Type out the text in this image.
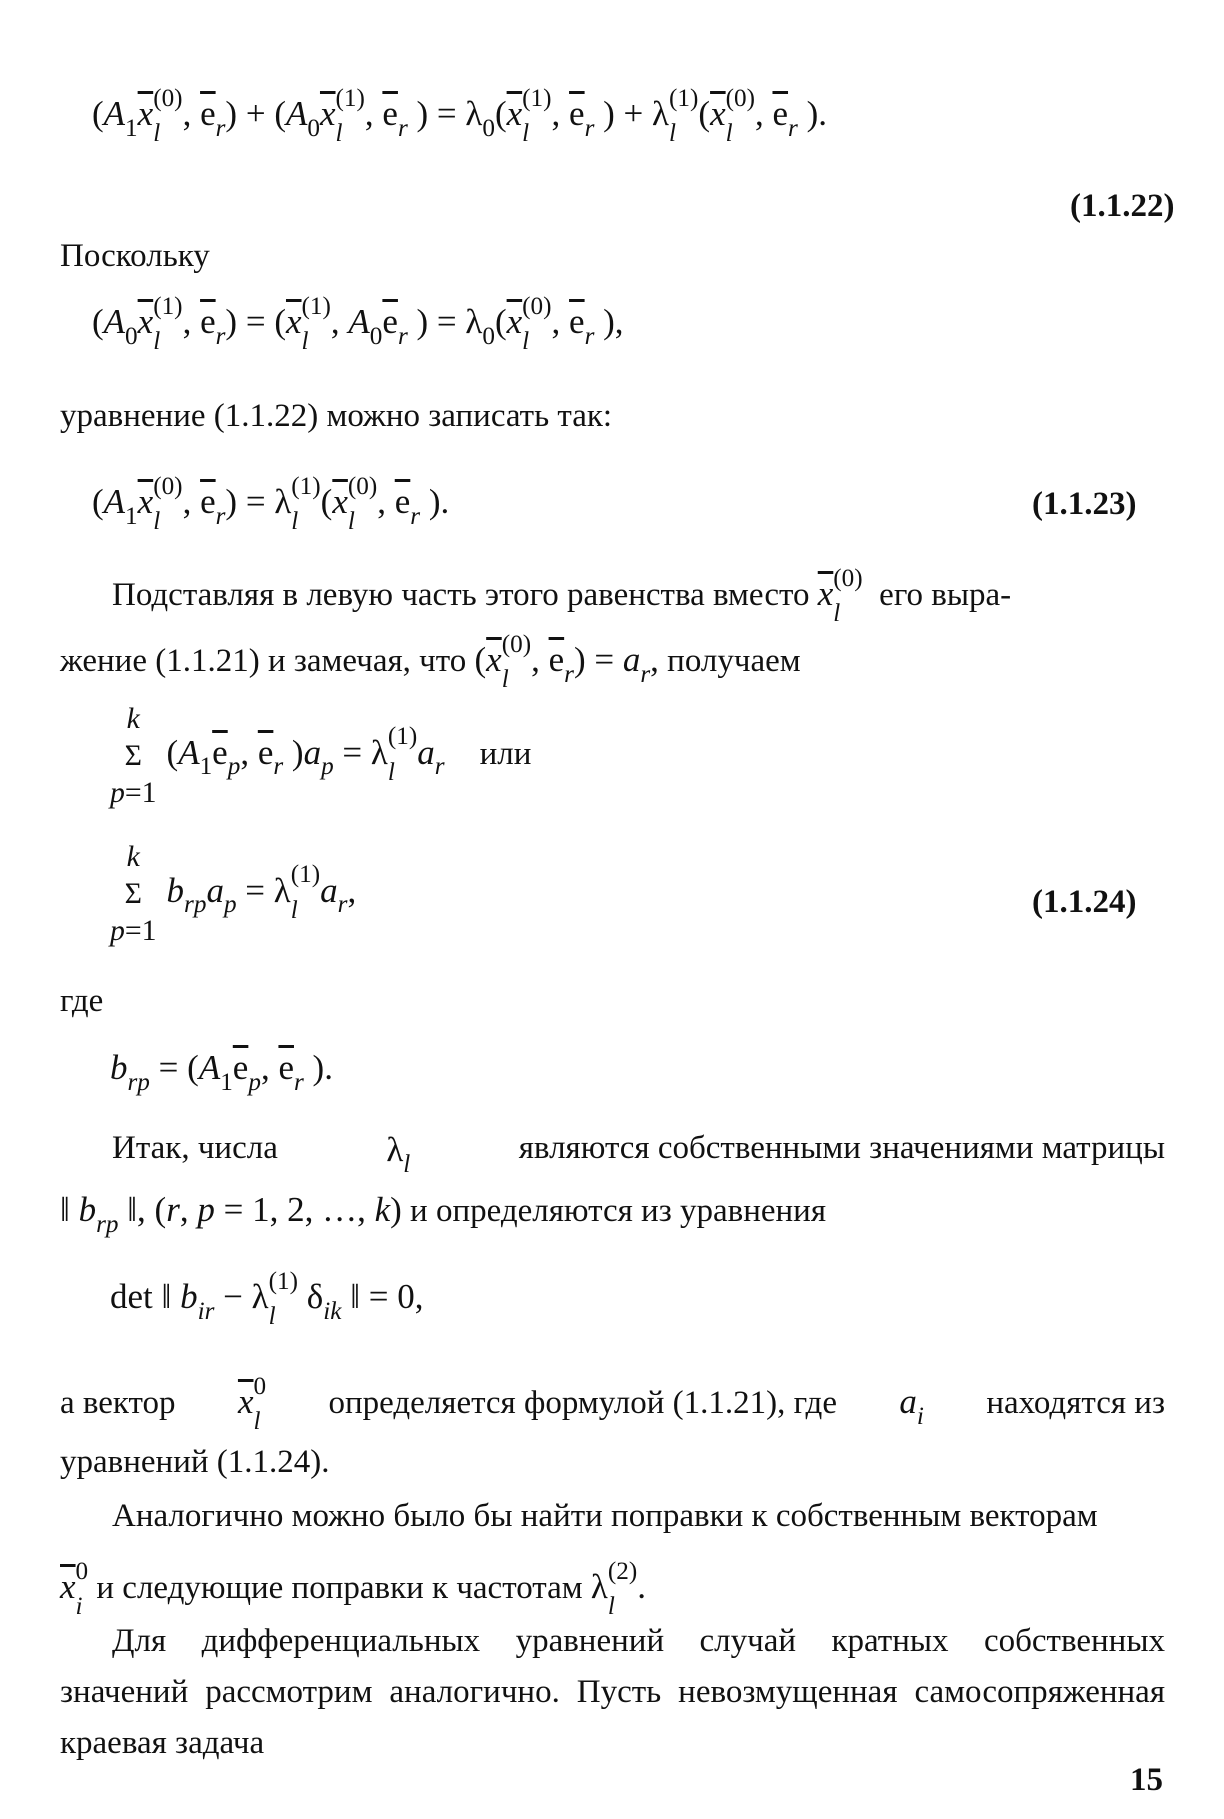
($A_1\overline{x}$ (0)
l
, $\overline{e}_r) + (A_0\overline{x}$ (1)
l
, $\overline{e}_r$ ) = $\lambda_0(\overline{x}$ (1)
l
, $\overline{e}_r$ ) + λ (1)
l
($\overline{x}$ (0)
l
, $\overline{e}_r$ ).
(1.1.22)
Поскольку
($A_0\overline{x}$ (1)
l
, $\overline{e}_r) = (\overline{x}$ (1)
l
, $A_0\overline{e}_r$ ) = $\lambda_0(\overline{x}$ (0)
l
, $\overline{e}_r$ ),
уравнение (1.1.22) можно записать так:
($A_1\overline{x}$ (0)
l
, $\overline{e}_r) = \lambda$ (1)
l
($\overline{x}$ (0)
l
, $\overline{e}_r$ ).	(1.1.23)
Подставляя в левую часть этого равенства вместо $\overline{x}$ (0)
l
его выра-
жение (1.1.21) и замечая, что ($\overline{x}$ (0)
l
, $\overline{e}_r) = a_r$, получаем
k
Σ
p=1
($A_1\overline{e}_p$, $\overline{e}_r$ )$a_p = \lambda$ (1)
l
$a_r$ или
k
Σ
p=1
$b_{rp}a_p = \lambda$ (1)
l
$a_r$,	(1.1.24)
где
$b_{rp} = (A_1\overline{e}_p$, $\overline{e}_r$ ).
Итак, числа	$\lambda_l$	являются собственными значениями матрицы
‖ $b_{rp}$ ‖, (r, p = 1, 2, …, k) и определяются из уравнения
det ‖ $b_{ir} - \lambda$ (1)
l
$\delta_{ik}$ ‖ = 0,
а вектор $\overline{x}$ 0
l
определяется формулой (1.1.21), где $a_i$ находятся из
уравнений (1.1.24).
Аналогично можно было бы найти поправки к собственным векторам
$\overline{x}$ 0
i
и следующие поправки к частотам λ (2)
l
.
Для дифференциальных уравнений случай кратных собственных значений рассмотрим аналогично. Пусть невозмущенная самосопряженная краевая задача
15
